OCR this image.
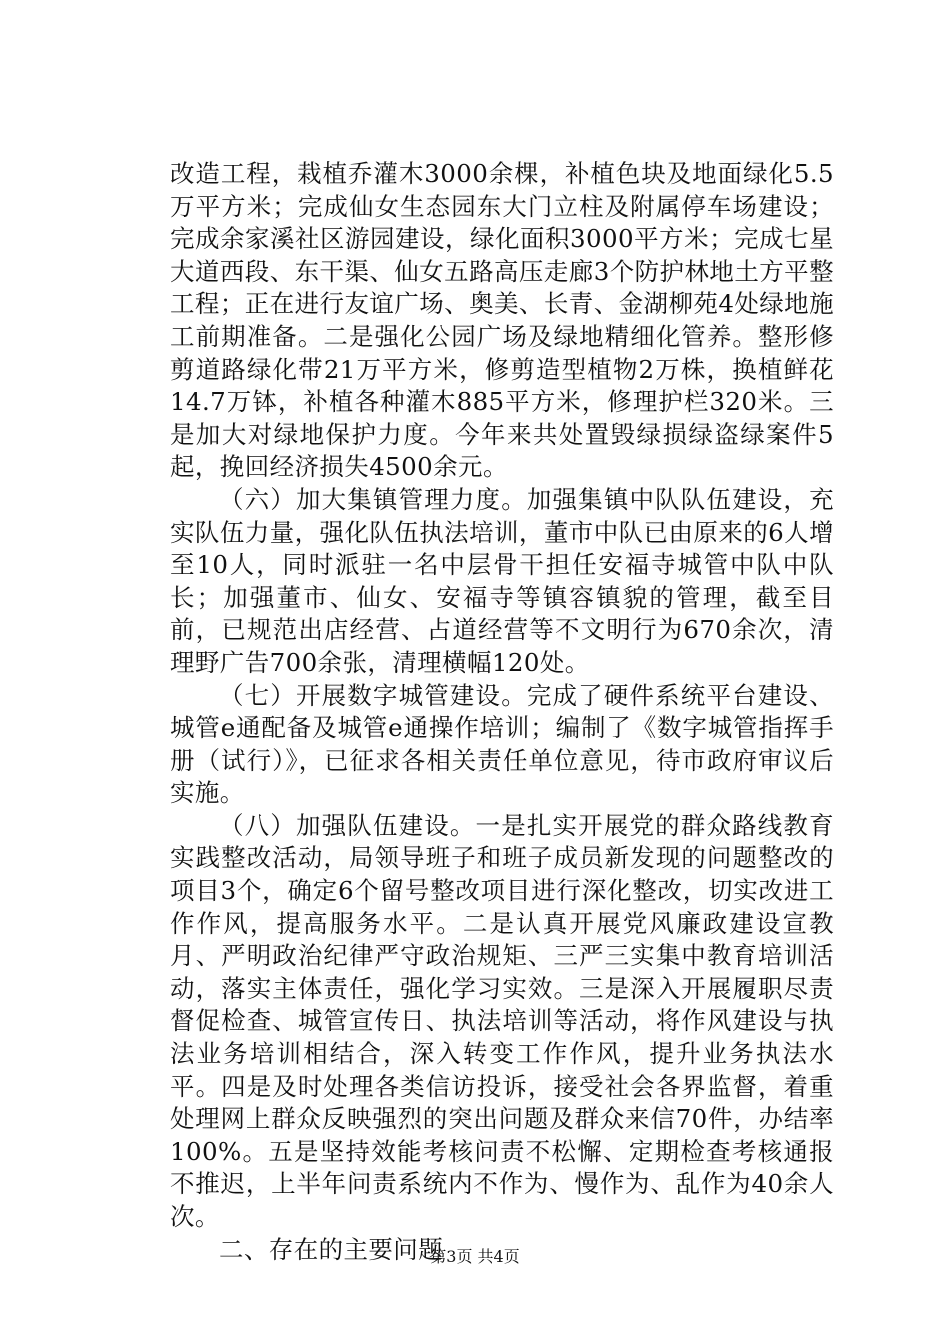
改造工程，栽植乔灌木3000余棵，补植色块及地面绿化5.5万平方米；完成仙女生态园东大门立柱及附属停车场建设；完成余家溪社区游园建设，绿化面积3000平方米；完成七星大道西段、东干渠、仙女五路高压走廊3个防护林地土方平整工程；正在进行友谊广场、奥美、长青、金湖柳苑4处绿地施工前期准备。二是强化公园广场及绿地精细化管养。整形修剪道路绿化带21万平方米，修剪造型植物2万株，换植鲜花14.7万钵，补植各种灌木885平方米，修理护栏320米。三是加大对绿地保护力度。今年来共处置毁绿损绿盗绿案件5起，挽回经济损失4500余元。

（六）加大集镇管理力度。加强集镇中队队伍建设，充实队伍力量，强化队伍执法培训，董市中队已由原来的6人增至10人，同时派驻一名中层骨干担任安福寺城管中队中队长；加强董市、仙女、安福寺等镇容镇貌的管理，截至目前，已规范出店经营、占道经营等不文明行为670余次，清理野广告700余张，清理横幅120处。

（七）开展数字城管建设。完成了硬件系统平台建设、城管e通配备及城管e通操作培训；编制了《数字城管指挥手册（试行）》，已征求各相关责任单位意见，待市政府审议后实施。

（八）加强队伍建设。一是扎实开展党的群众路线教育实践整改活动，局领导班子和班子成员新发现的问题整改的项目3个，确定6个留号整改项目进行深化整改，切实改进工作作风，提高服务水平。二是认真开展党风廉政建设宣教月、严明政治纪律严守政治规矩、三严三实集中教育培训活动，落实主体责任，强化学习实效。三是深入开展履职尽责督促检查、城管宣传日、执法培训等活动，将作风建设与执法业务培训相结合，深入转变工作作风，提升业务执法水平。四是及时处理各类信访投诉，接受社会各界监督，着重处理网上群众反映强烈的突出问题及群众来信70件，办结率100%。五是坚持效能考核问责不松懈、定期检查考核通报不推迟，上半年问责系统内不作为、慢作为、乱作为40余人次。

二、存在的主要问题

第3页 共4页
